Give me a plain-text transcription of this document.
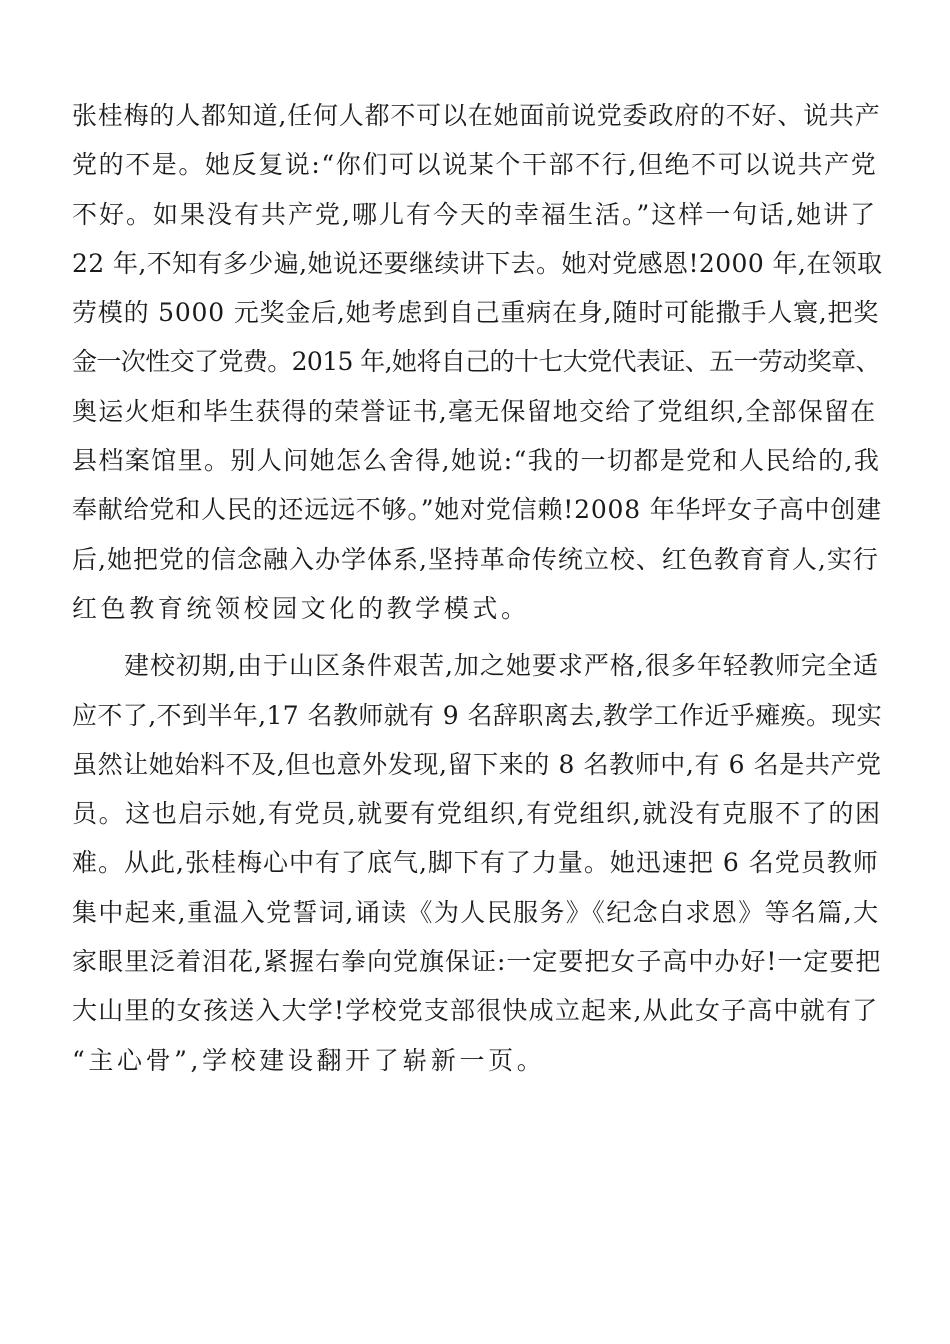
张桂梅的人都知道,任何人都不可以在她面前说党委政府的不好、说共产
党的不是。她反复说:“你们可以说某个干部不行,但绝不可以说共产党
不好。如果没有共产党,哪儿有今天的幸福生活。”这样一句话,她讲了
22 年,不知有多少遍,她说还要继续讲下去。她对党感恩!2000 年,在领取
劳模的 5000 元奖金后,她考虑到自己重病在身,随时可能撒手人寰,把奖
金一次性交了党费。2015 年,她将自己的十七大党代表证、五一劳动奖章、
奥运火炬和毕生获得的荣誉证书,毫无保留地交给了党组织,全部保留在
县档案馆里。别人问她怎么舍得,她说:“我的一切都是党和人民给的,我
奉献给党和人民的还远远不够。”她对党信赖!2008 年华坪女子高中创建
后,她把党的信念融入办学体系,坚持革命传统立校、红色教育育人,实行
红色教育统领校园文化的教学模式。
　　建校初期,由于山区条件艰苦,加之她要求严格,很多年轻教师完全适
应不了,不到半年,17 名教师就有 9 名辞职离去,教学工作近乎瘫痪。现实
虽然让她始料不及,但也意外发现,留下来的 8 名教师中,有 6 名是共产党
员。这也启示她,有党员,就要有党组织,有党组织,就没有克服不了的困
难。从此,张桂梅心中有了底气,脚下有了力量。她迅速把 6 名党员教师
集中起来,重温入党誓词,诵读《为人民服务》《纪念白求恩》等名篇,大
家眼里泛着泪花,紧握右拳向党旗保证:一定要把女子高中办好!一定要把
大山里的女孩送入大学!学校党支部很快成立起来,从此女子高中就有了
“主心骨”,学校建设翻开了崭新一页。
